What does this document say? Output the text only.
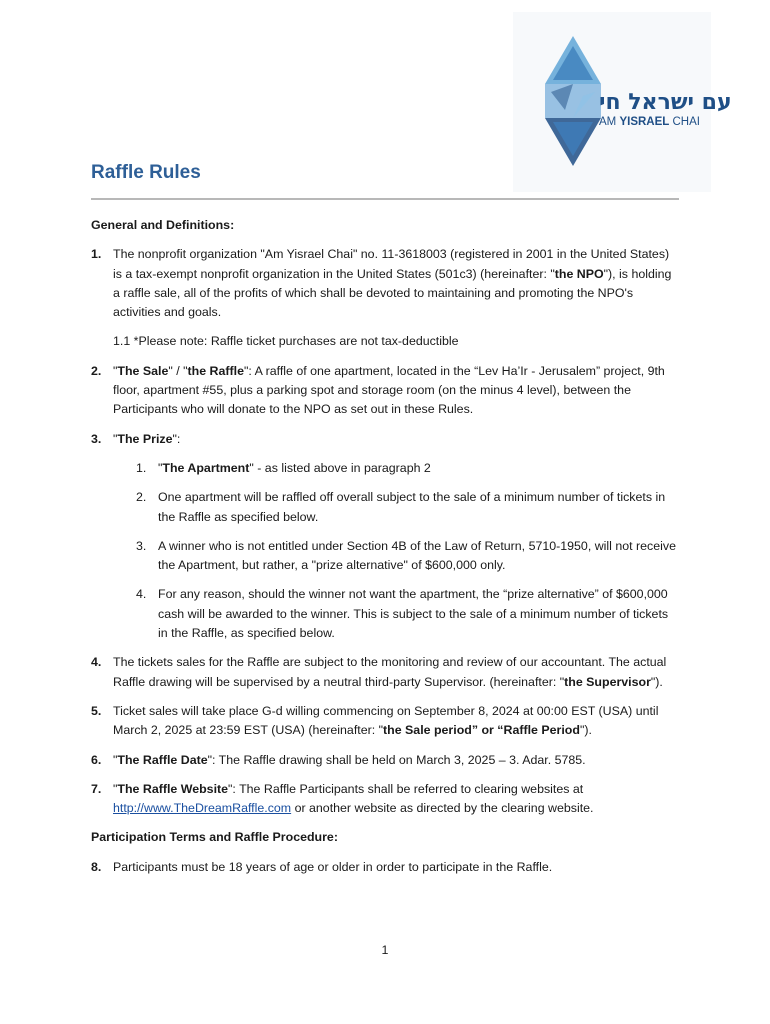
עם ישראל חי
AM YISRAEL CHAI
Raffle Rules

General and Definitions:

1. The nonprofit organization "Am Yisrael Chai" no. 11-3618003 (registered in 2001 in the United States) is a tax-exempt nonprofit organization in the United States (501c3) (hereinafter: "the NPO"), is holding a raffle sale, all of the profits of which shall be devoted to maintaining and promoting the NPO's activities and goals.
1.1 *Please note: Raffle ticket purchases are not tax-deductible
2. "The Sale" / "the Raffle": A raffle of one apartment, located in the “Lev Ha’Ir - Jerusalem” project, 9th floor, apartment #55, plus a parking spot and storage room (on the minus 4 level), between the Participants who will donate to the NPO as set out in these Rules.
3. "The Prize":
1. "The Apartment" - as listed above in paragraph 2
2. One apartment will be raffled off overall subject to the sale of a minimum number of tickets in the Raffle as specified below.
3. A winner who is not entitled under Section 4B of the Law of Return, 5710-1950, will not receive the Apartment, but rather, a "prize alternative" of $600,000 only.
4. For any reason, should the winner not want the apartment, the “prize alternative” of $600,000 cash will be awarded to the winner. This is subject to the sale of a minimum number of tickets in the Raffle, as specified below.
4. The tickets sales for the Raffle are subject to the monitoring and review of our accountant. The actual Raffle drawing will be supervised by a neutral third-party Supervisor. (hereinafter: "the Supervisor").
5. Ticket sales will take place G-d willing commencing on September 8, 2024 at 00:00 EST (USA) until March 2, 2025 at 23:59 EST (USA) (hereinafter: "the Sale period” or “Raffle Period").
6. "The Raffle Date": The Raffle drawing shall be held on March 3, 2025 – 3. Adar. 5785.
7. "The Raffle Website": The Raffle Participants shall be referred to clearing websites at http://www.TheDreamRaffle.com or another website as directed by the clearing website.

Participation Terms and Raffle Procedure:

8. Participants must be 18 years of age or older in order to participate in the Raffle.
1
